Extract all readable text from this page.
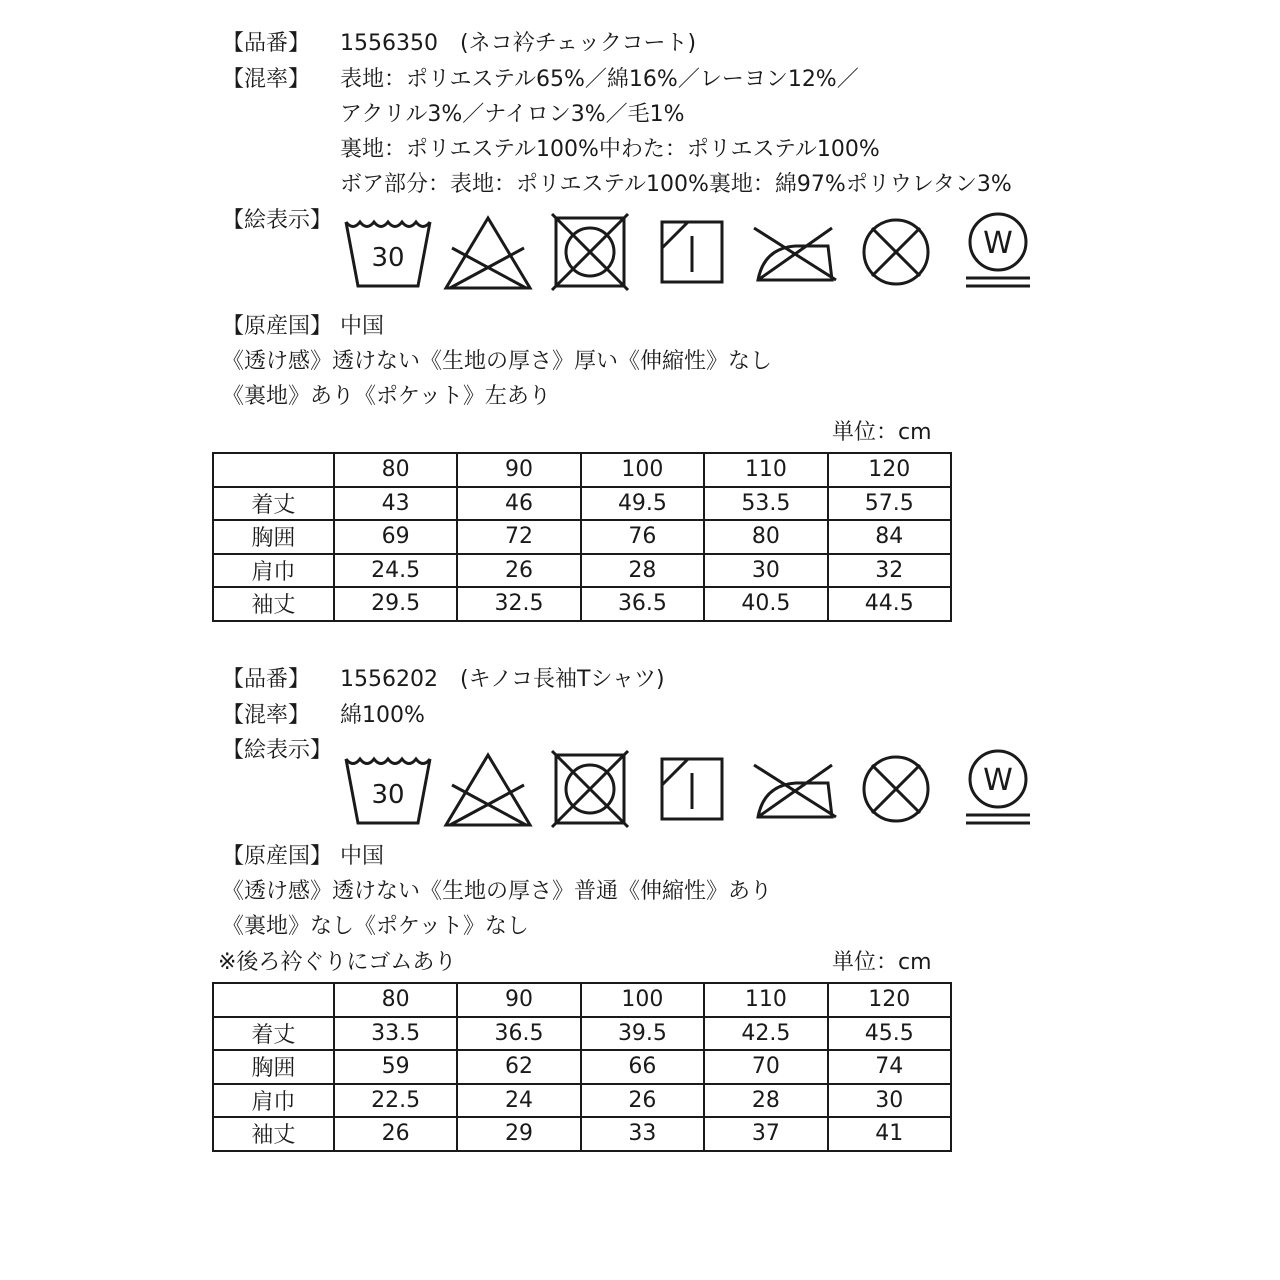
【品番】 1556350　(ネコ衿チェックコート)
【混率】 表地：ポリエステル65%／綿16%／レーヨン12%／
アクリル3%／ナイロン3%／毛1%
裏地：ポリエステル100%中わた：ポリエステル100%
ボア部分：表地：ポリエステル100%裏地：綿97%ポリウレタン3%
【絵表示】
30	W
【原産国】 中国
《透け感》透けない《生地の厚さ》厚い《伸縮性》なし
《裏地》あり《ポケット》左あり
単位：cm
	80	90	100	110	120
着丈	43	46	49.5	53.5	57.5
胸囲	69	72	76	80	84
肩巾	24.5	26	28	30	32
袖丈	29.5	32.5	36.5	40.5	44.5
【品番】 1556202　(キノコ長袖Tシャツ)
【混率】 綿100%
【絵表示】
30	W
【原産国】 中国
《透け感》透けない《生地の厚さ》普通《伸縮性》あり
《裏地》なし《ポケット》なし
※後ろ衿ぐりにゴムあり	単位：cm
	80	90	100	110	120
着丈	33.5	36.5	39.5	42.5	45.5
胸囲	59	62	66	70	74
肩巾	22.5	24	26	28	30
袖丈	26	29	33	37	41
